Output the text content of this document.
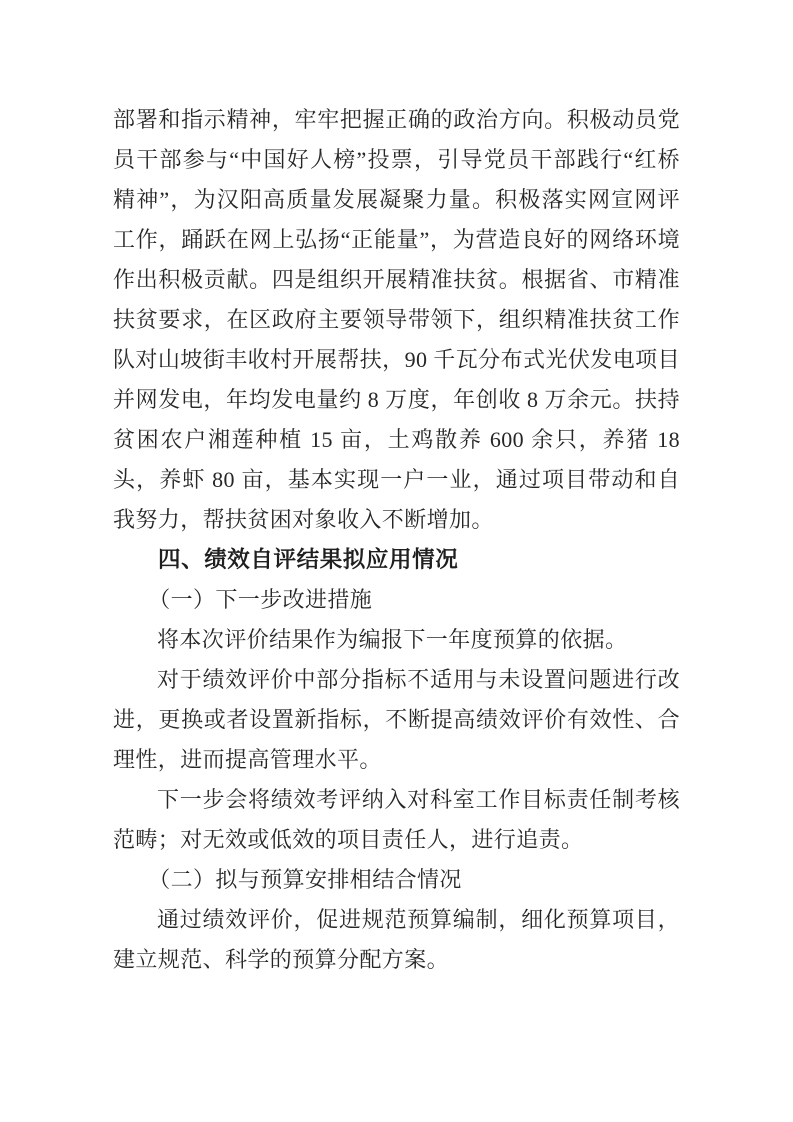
部署和指示精神，牢牢把握正确的政治方向。积极动员党员干部参与“中国好人榜”投票，引导党员干部践行“红桥精神”，为汉阳高质量发展凝聚力量。积极落实网宣网评工作，踊跃在网上弘扬“正能量”，为营造良好的网络环境作出积极贡献。四是组织开展精准扶贫。根据省、市精准扶贫要求，在区政府主要领导带领下，组织精准扶贫工作队对山坡街丰收村开展帮扶，90 千瓦分布式光伏发电项目并网发电，年均发电量约 8 万度，年创收 8 万余元。扶持贫困农户湘莲种植 15 亩，土鸡散养 600 余只，养猪 18 头，养虾 80 亩，基本实现一户一业，通过项目带动和自我努力，帮扶贫困对象收入不断增加。

四、绩效自评结果拟应用情况

（一）下一步改进措施

将本次评价结果作为编报下一年度预算的依据。

对于绩效评价中部分指标不适用与未设置问题进行改进，更换或者设置新指标，不断提高绩效评价有效性、合理性，进而提高管理水平。

下一步会将绩效考评纳入对科室工作目标责任制考核范畴；对无效或低效的项目责任人，进行追责。

（二）拟与预算安排相结合情况

通过绩效评价，促进规范预算编制，细化预算项目，建立规范、科学的预算分配方案。
